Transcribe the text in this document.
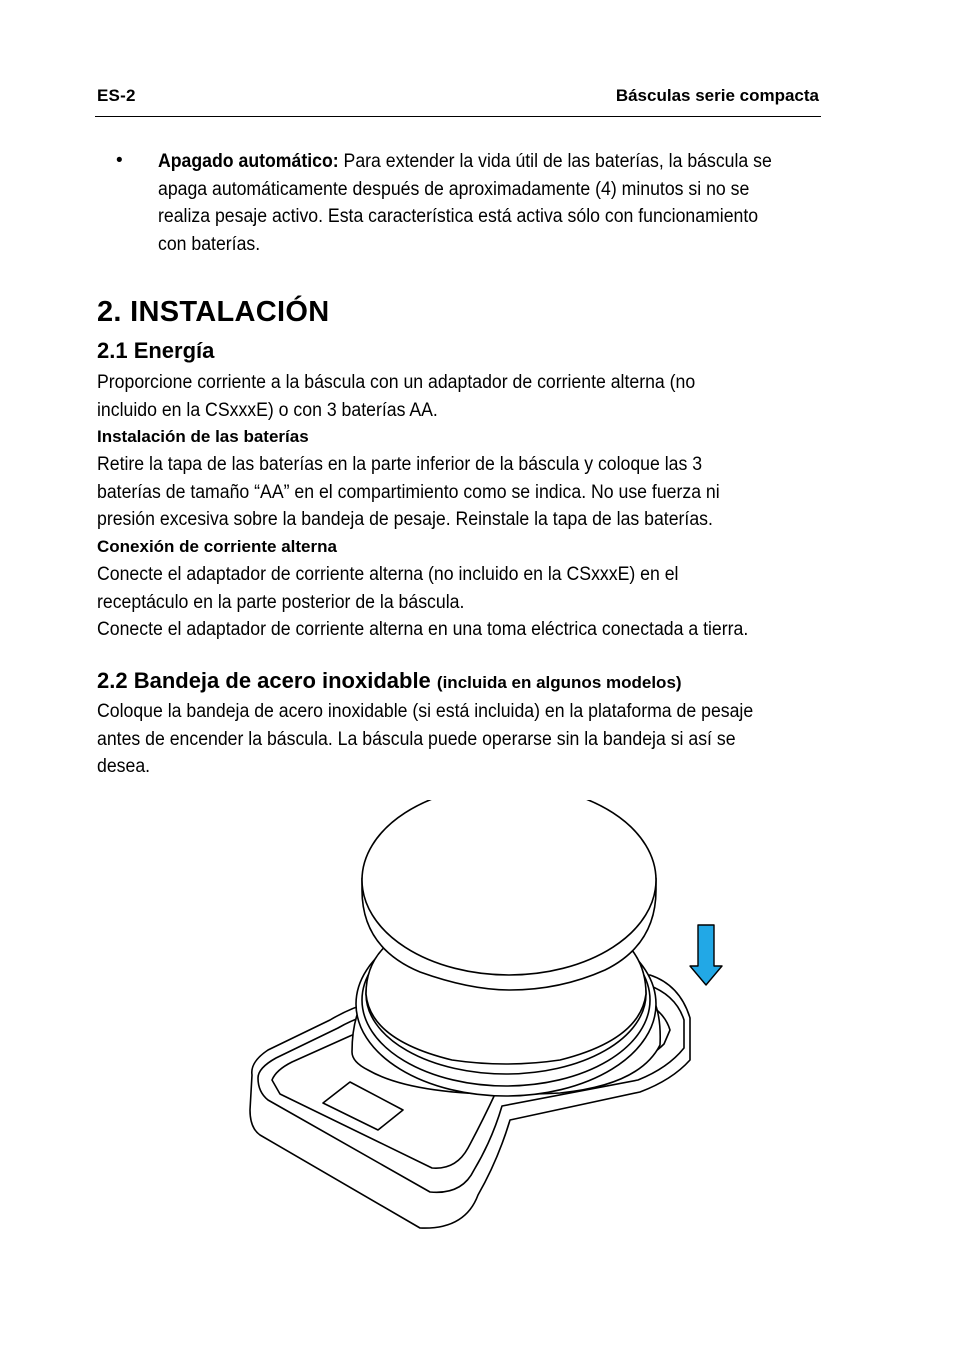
ES-2	Básculas serie compacta
• Apagado automático: Para extender la vida útil de las baterías, la báscula se
apaga automáticamente después de aproximadamente (4) minutos si no se
realiza pesaje activo. Esta característica está activa sólo con funcionamiento
con baterías.
2. INSTALACIÓN
2.1 Energía
Proporcione corriente a la báscula con un adaptador de corriente alterna (no
incluido en la CSxxxE) o con 3 baterías AA.
Instalación de las baterías
Retire la tapa de las baterías en la parte inferior de la báscula y coloque las 3
baterías de tamaño “AA” en el compartimiento como se indica. No use fuerza ni
presión excesiva sobre la bandeja de pesaje. Reinstale la tapa de las baterías.
Conexión de corriente alterna
Conecte el adaptador de corriente alterna (no incluido en la CSxxxE) en el
receptáculo en la parte posterior de la báscula.
Conecte el adaptador de corriente alterna en una toma eléctrica conectada a tierra.
2.2 Bandeja de acero inoxidable (incluida en algunos modelos)
Coloque la bandeja de acero inoxidable (si está incluida) en la plataforma de pesaje
antes de encender la báscula. La báscula puede operarse sin la bandeja si así se
desea.
